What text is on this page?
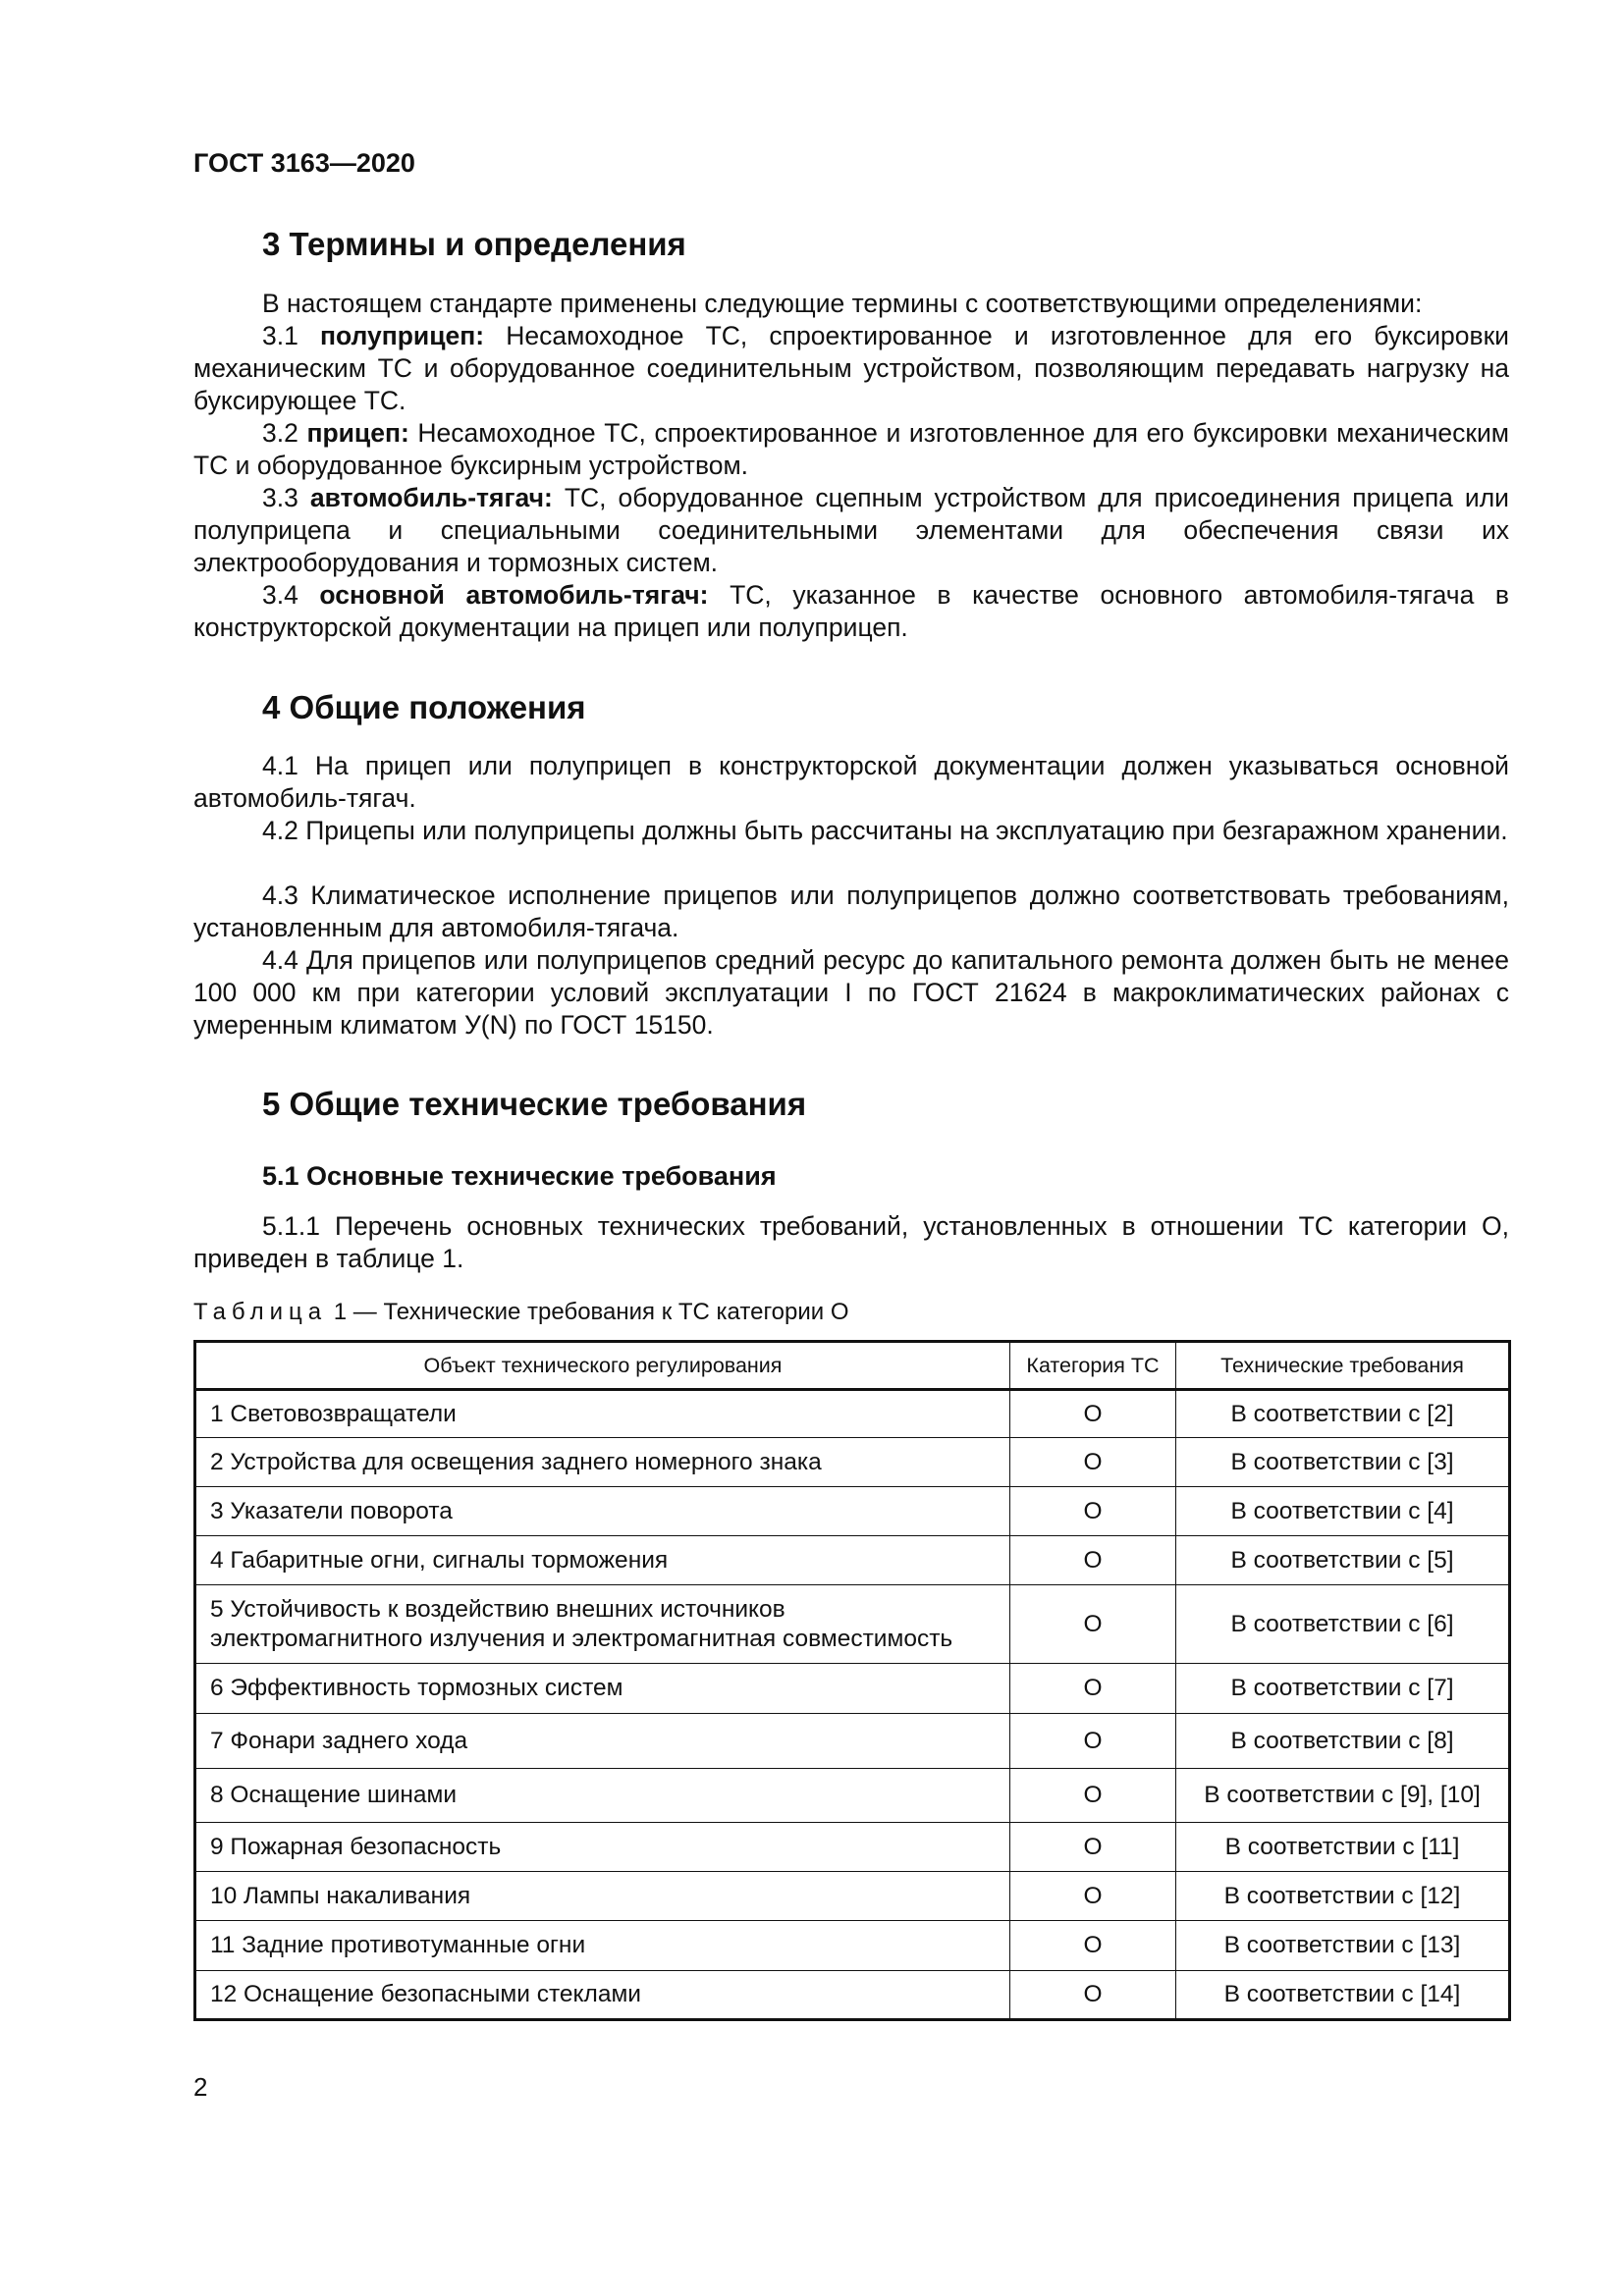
ГОСТ 3163—2020
3 Термины и определения

В настоящем стандарте применены следующие термины с соответствующими определениями:

3.1 полуприцеп: Несамоходное ТС, спроектированное и изготовленное для его буксировки механическим ТС и оборудованное соединительным устройством, позволяющим передавать нагрузку на буксирующее ТС.

3.2 прицеп: Несамоходное ТС, спроектированное и изготовленное для его буксировки механическим ТС и оборудованное буксирным устройством.

3.3 автомобиль-тягач: ТС, оборудованное сцепным устройством для присоединения прицепа или полуприцепа и специальными соединительными элементами для обеспечения связи их электрооборудования и тормозных систем.

3.4 основной автомобиль-тягач: ТС, указанное в качестве основного автомобиля-тягача в конструкторской документации на прицеп или полуприцеп.

4 Общие положения

4.1 На прицеп или полуприцеп в конструкторской документации должен указываться основной автомобиль-тягач.

4.2 Прицепы или полуприцепы должны быть рассчитаны на эксплуатацию при безгаражном хранении.

4.3 Климатическое исполнение прицепов или полуприцепов должно соответствовать требованиям, установленным для автомобиля-тягача.

4.4 Для прицепов или полуприцепов средний ресурс до капитального ремонта должен быть не менее 100 000 км при категории условий эксплуатации I по ГОСТ 21624 в макроклиматических районах с умеренным климатом У(N) по ГОСТ 15150.

5 Общие технические требования
5.1 Основные технические требования

5.1.1 Перечень основных технических требований, установленных в отношении ТС категории О, приведен в таблице 1.

Таблица 1 — Технические требования к ТС категории О

Объект технического регулирования	Категория ТС	Технические требования
1 Световозвращатели	О	В соответствии с [2]
2 Устройства для освещения заднего номерного знака	О	В соответствии с [3]
3 Указатели поворота	О	В соответствии с [4]
4 Габаритные огни, сигналы торможения	О	В соответствии с [5]
5 Устойчивость к воздействию внешних источников электромагнитного излучения и электромагнитная совместимость	О	В соответствии с [6]
6 Эффективность тормозных систем	О	В соответствии с [7]
7 Фонари заднего хода	О	В соответствии с [8]
8 Оснащение шинами	О	В соответствии с [9], [10]
9 Пожарная безопасность	О	В соответствии с [11]
10 Лампы накаливания	О	В соответствии с [12]
11 Задние противотуманные огни	О	В соответствии с [13]
12 Оснащение безопасными стеклами	О	В соответствии с [14]

2
